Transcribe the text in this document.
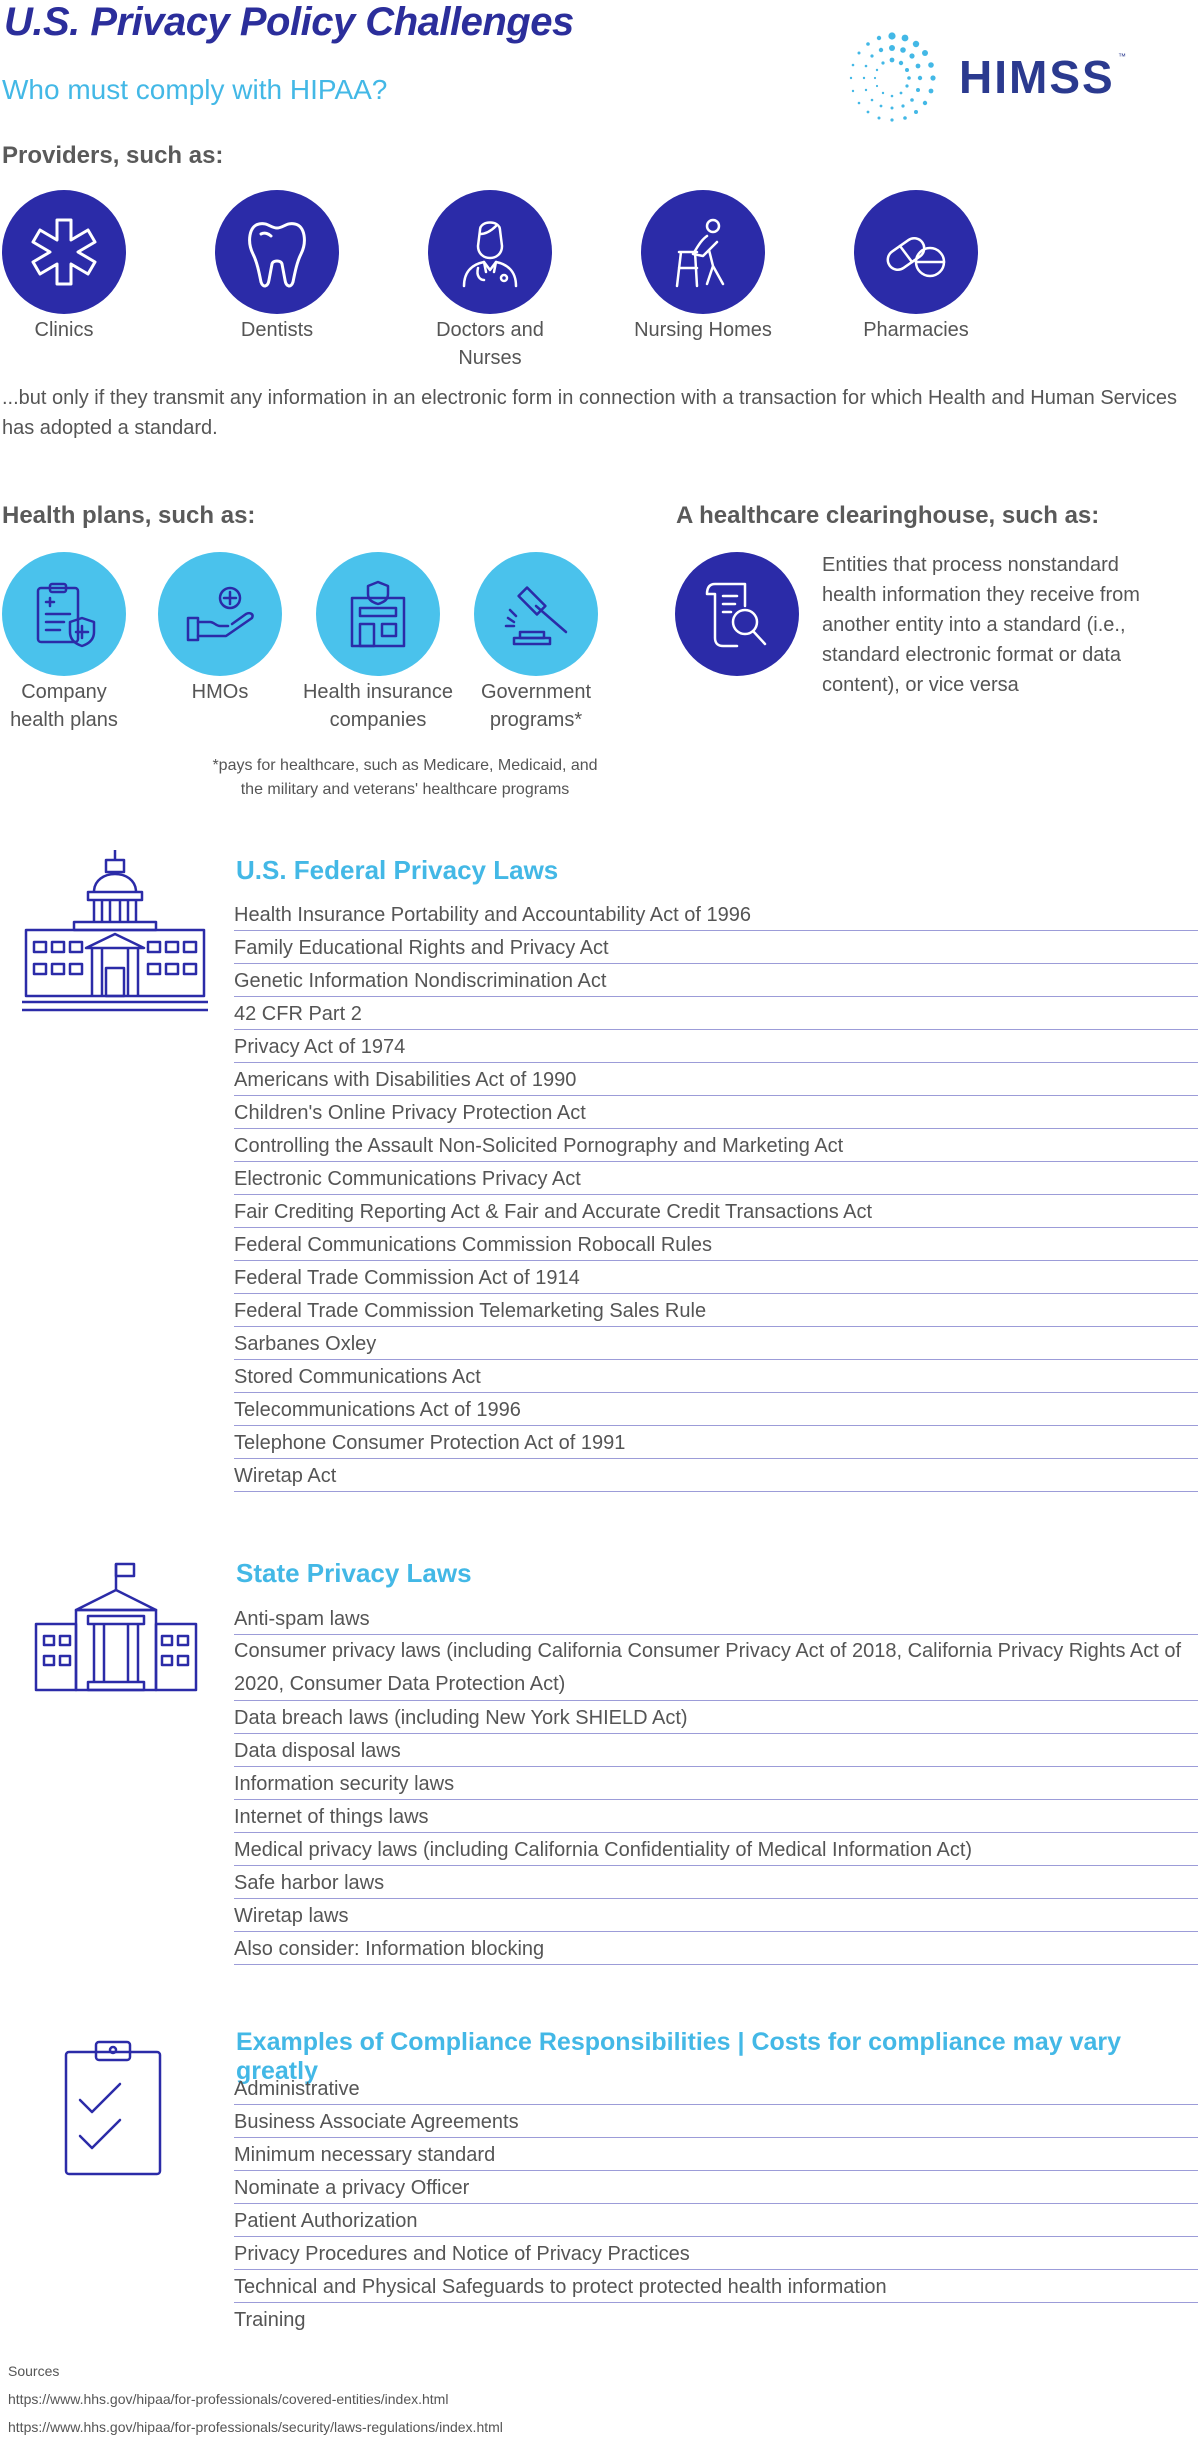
U.S. Privacy Policy Challenges
Who must comply with HIPAA?	HIMSS ™
Providers, such as:
Clinics	Dentists	Doctors and Nurses
Nursing Homes	Pharmacies
...but only if they transmit any information in an electronic form in connection with a transaction for which Health and Human Services has adopted a standard.
Health plans, such as:
Company health plans
HMOs	Health insurance companies
Government programs*
*pays for healthcare, such as Medicare, Medicaid, and the military and veterans' healthcare programs
A healthcare clearinghouse, such as:
Entities that process nonstandard health information they receive from another entity into a standard (i.e., standard electronic format or data content), or vice versa
U.S. Federal Privacy Laws
Health Insurance Portability and Accountability Act of 1996
Family Educational Rights and Privacy Act
Genetic Information Nondiscrimination Act
42 CFR Part 2
Privacy Act of 1974
Americans with Disabilities Act of 1990
Children's Online Privacy Protection Act
Controlling the Assault Non-Solicited Pornography and Marketing Act
Electronic Communications Privacy Act
Fair Crediting Reporting Act & Fair and Accurate Credit Transactions Act
Federal Communications Commission Robocall Rules
Federal Trade Commission Act of 1914
Federal Trade Commission Telemarketing Sales Rule
Sarbanes Oxley
Stored Communications Act
Telecommunications Act of 1996
Telephone Consumer Protection Act of 1991
Wiretap Act
State Privacy Laws
Anti-spam laws
Consumer privacy laws (including California Consumer Privacy Act of 2018, California Privacy Rights Act of 2020, Consumer Data Protection Act)
Data breach laws (including New York SHIELD Act)
Data disposal laws
Information security laws
Internet of things laws
Medical privacy laws (including California Confidentiality of Medical Information Act)
Safe harbor laws
Wiretap laws
Also consider: Information blocking
Examples of Compliance Responsibilities | Costs for compliance may vary greatly
Administrative
Business Associate Agreements
Minimum necessary standard
Nominate a privacy Officer
Patient Authorization
Privacy Procedures and Notice of Privacy Practices
Technical and Physical Safeguards to protect protected health information
Training
Sources
https://www.hhs.gov/hipaa/for-professionals/covered-entities/index.html
https://www.hhs.gov/hipaa/for-professionals/security/laws-regulations/index.html
